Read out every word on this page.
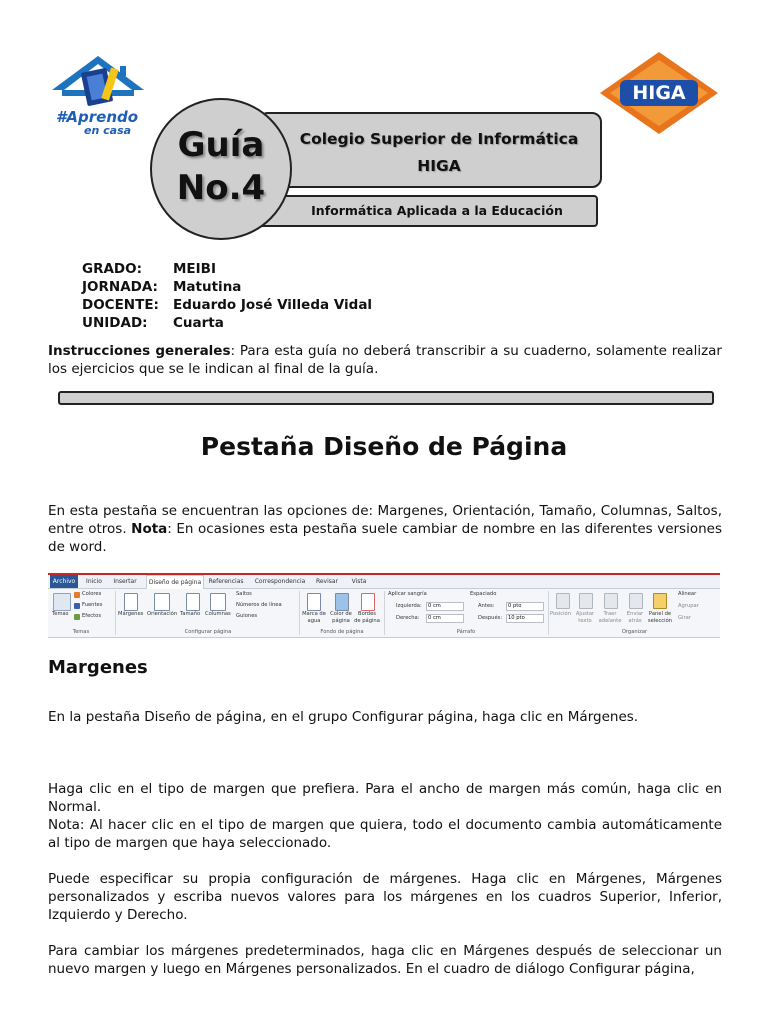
#Aprendo
en casa
HIGA
Guía
No.4
Colegio Superior de Informática
HIGA
Informática Aplicada a la Educación
GRADO:	MEIBI
JORNADA:	Matutina
DOCENTE:	Eduardo José Villeda Vidal
UNIDAD:	Cuarta
Instrucciones generales: Para esta guía no deberá transcribir a su cuaderno, solamente realizar los ejercicios que se le indican al final de la guía.
Pestaña Diseño de Página
En esta pestaña se encuentran las opciones de: Margenes, Orientación, Tamaño, Columnas, Saltos, entre otros. Nota: En ocasiones esta pestaña suele cambiar de nombre en las diferentes versiones de word.
Archivo	Inicio	Insertar	Diseño de página	Referencias	Correspondencia	Revisar	Vista
Temas
Colores
Fuentes
Efectos
Temas
Márgenes Orientación Tamaño Columnas
Saltos
Números de línea
Guiones
Configurar página
Marca de agua
Color de página
Bordes de página
Fondo de página
Aplicar sangría
Izquierda:	0 cm
Derecha:	0 cm
Espaciado
Antes:	0 pto
Después:	10 pto
Párrafo
Posición Ajustar texto
Traer adelante
Enviar atrás
Panel de selección
Alinear
Agrupar
Girar
Organizar
Margenes
En la pestaña Diseño de página, en el grupo Configurar página, haga clic en Márgenes.
Haga clic en el tipo de margen que prefiera. Para el ancho de margen más común, haga clic en Normal.
Nota: Al hacer clic en el tipo de margen que quiera, todo el documento cambia automáticamente al tipo de margen que haya seleccionado.
Puede especificar su propia configuración de márgenes. Haga clic en Márgenes, Márgenes personalizados y escriba nuevos valores para los márgenes en los cuadros Superior, Inferior, Izquierdo y Derecho.
Para cambiar los márgenes predeterminados, haga clic en Márgenes después de seleccionar un nuevo margen y luego en Márgenes personalizados. En el cuadro de diálogo Configurar página,
